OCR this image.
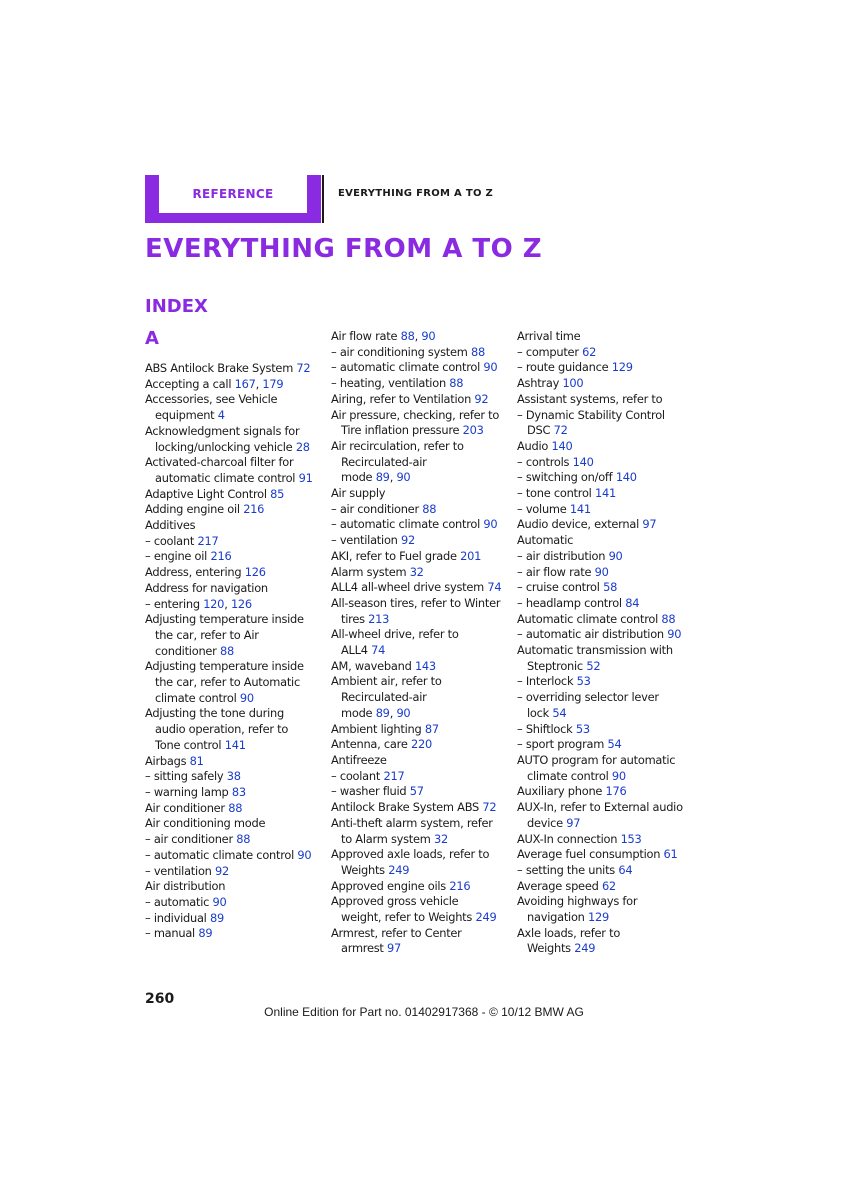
REFERENCE	EVERYTHING FROM A TO Z
EVERYTHING FROM A TO Z
INDEX
A
ABS Antilock Brake System 72
Accepting a call 167, 179
Accessories, see Vehicle
equipment 4
Acknowledgment signals for
locking/unlocking vehicle 28
Activated-charcoal filter for
automatic climate control 91
Adaptive Light Control 85
Adding engine oil 216
Additives
– coolant 217
– engine oil 216
Address, entering 126
Address for navigation
– entering 120, 126
Adjusting temperature inside
the car, refer to Air
conditioner 88
Adjusting temperature inside
the car, refer to Automatic
climate control 90
Adjusting the tone during
audio operation, refer to
Tone control 141
Airbags 81
– sitting safely 38
– warning lamp 83
Air conditioner 88
Air conditioning mode
– air conditioner 88
– automatic climate control 90
– ventilation 92
Air distribution
– automatic 90
– individual 89
– manual 89
Air flow rate 88, 90
– air conditioning system 88
– automatic climate control 90
– heating, ventilation 88
Airing, refer to Ventilation 92
Air pressure, checking, refer to
Tire inflation pressure 203
Air recirculation, refer to
Recirculated-air
mode 89, 90
Air supply
– air conditioner 88
– automatic climate control 90
– ventilation 92
AKI, refer to Fuel grade 201
Alarm system 32
ALL4 all-wheel drive system 74
All-season tires, refer to Winter
tires 213
All-wheel drive, refer to
ALL4 74
AM, waveband 143
Ambient air, refer to
Recirculated-air
mode 89, 90
Ambient lighting 87
Antenna, care 220
Antifreeze
– coolant 217
– washer fluid 57
Antilock Brake System ABS 72
Anti-theft alarm system, refer
to Alarm system 32
Approved axle loads, refer to
Weights 249
Approved engine oils 216
Approved gross vehicle
weight, refer to Weights 249
Armrest, refer to Center
armrest 97
Arrival time
– computer 62
– route guidance 129
Ashtray 100
Assistant systems, refer to
– Dynamic Stability Control
DSC 72
Audio 140
– controls 140
– switching on/off 140
– tone control 141
– volume 141
Audio device, external 97
Automatic
– air distribution 90
– air flow rate 90
– cruise control 58
– headlamp control 84
Automatic climate control 88
– automatic air distribution 90
Automatic transmission with
Steptronic 52
– Interlock 53
– overriding selector lever
lock 54
– Shiftlock 53
– sport program 54
AUTO program for automatic
climate control 90
Auxiliary phone 176
AUX-In, refer to External audio
device 97
AUX-In connection 153
Average fuel consumption 61
– setting the units 64
Average speed 62
Avoiding highways for
navigation 129
Axle loads, refer to
Weights 249
260
Online Edition for Part no. 01402917368 - © 10/12 BMW AG
